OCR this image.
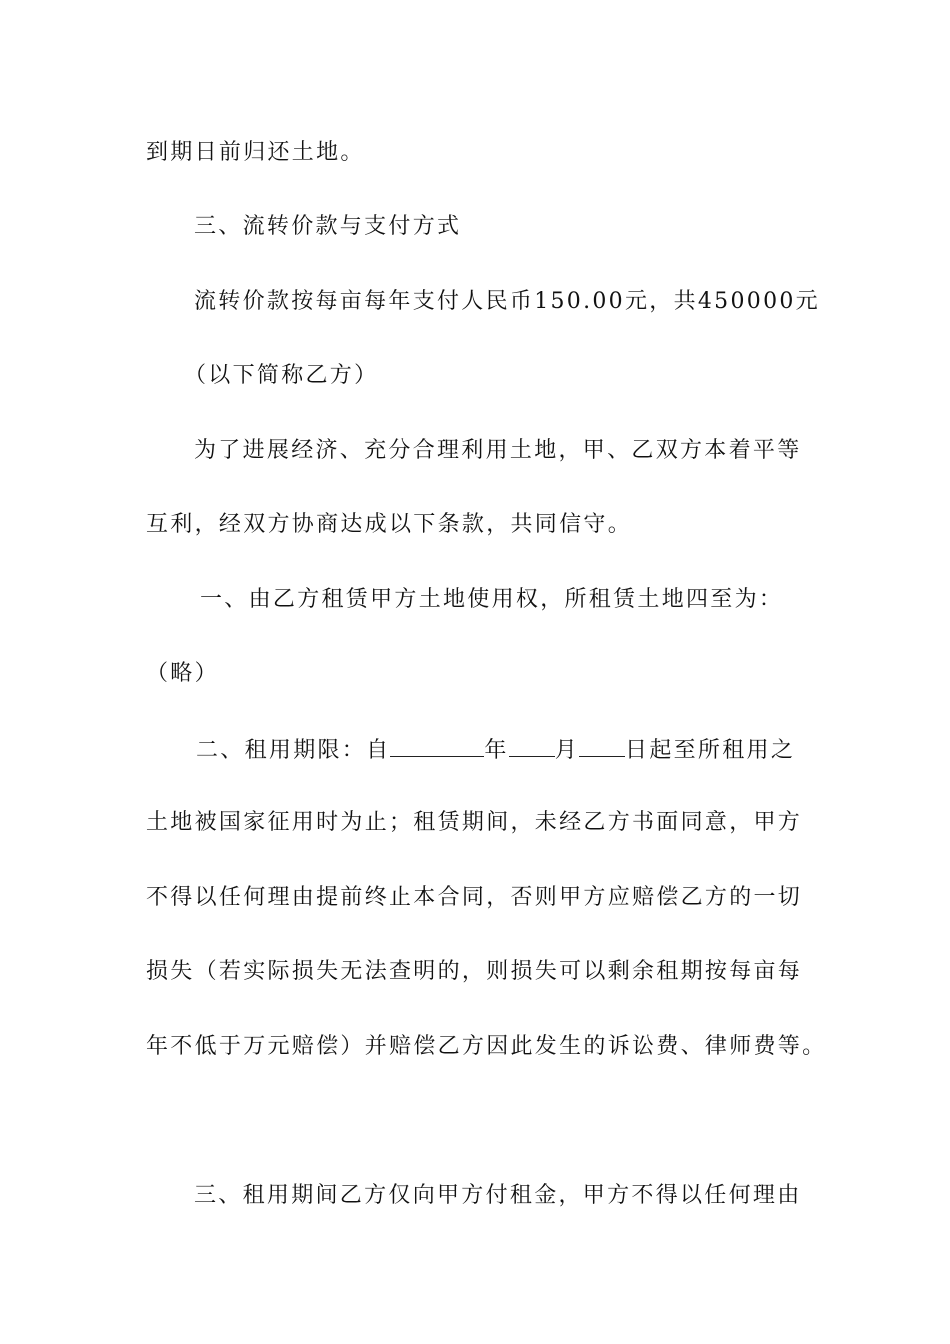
到期日前归还土地。
三、流转价款与支付方式
流转价款按每亩每年支付人民币150.00元，共450000元
（以下简称乙方）
为了进展经济、充分合理利用土地，甲、乙双方本着平等
互利，经双方协商达成以下条款，共同信守。
一、由乙方租赁甲方土地使用权，所租赁土地四至为：
（略）
二、租用期限：自	年 月 日起至所租用之
土地被国家征用时为止；租赁期间，未经乙方书面同意，甲方
不得以任何理由提前终止本合同，否则甲方应赔偿乙方的一切
损失（若实际损失无法查明的，则损失可以剩余租期按每亩每
年不低于万元赔偿）并赔偿乙方因此发生的诉讼费、律师费等。
三、租用期间乙方仅向甲方付租金，甲方不得以任何理由
